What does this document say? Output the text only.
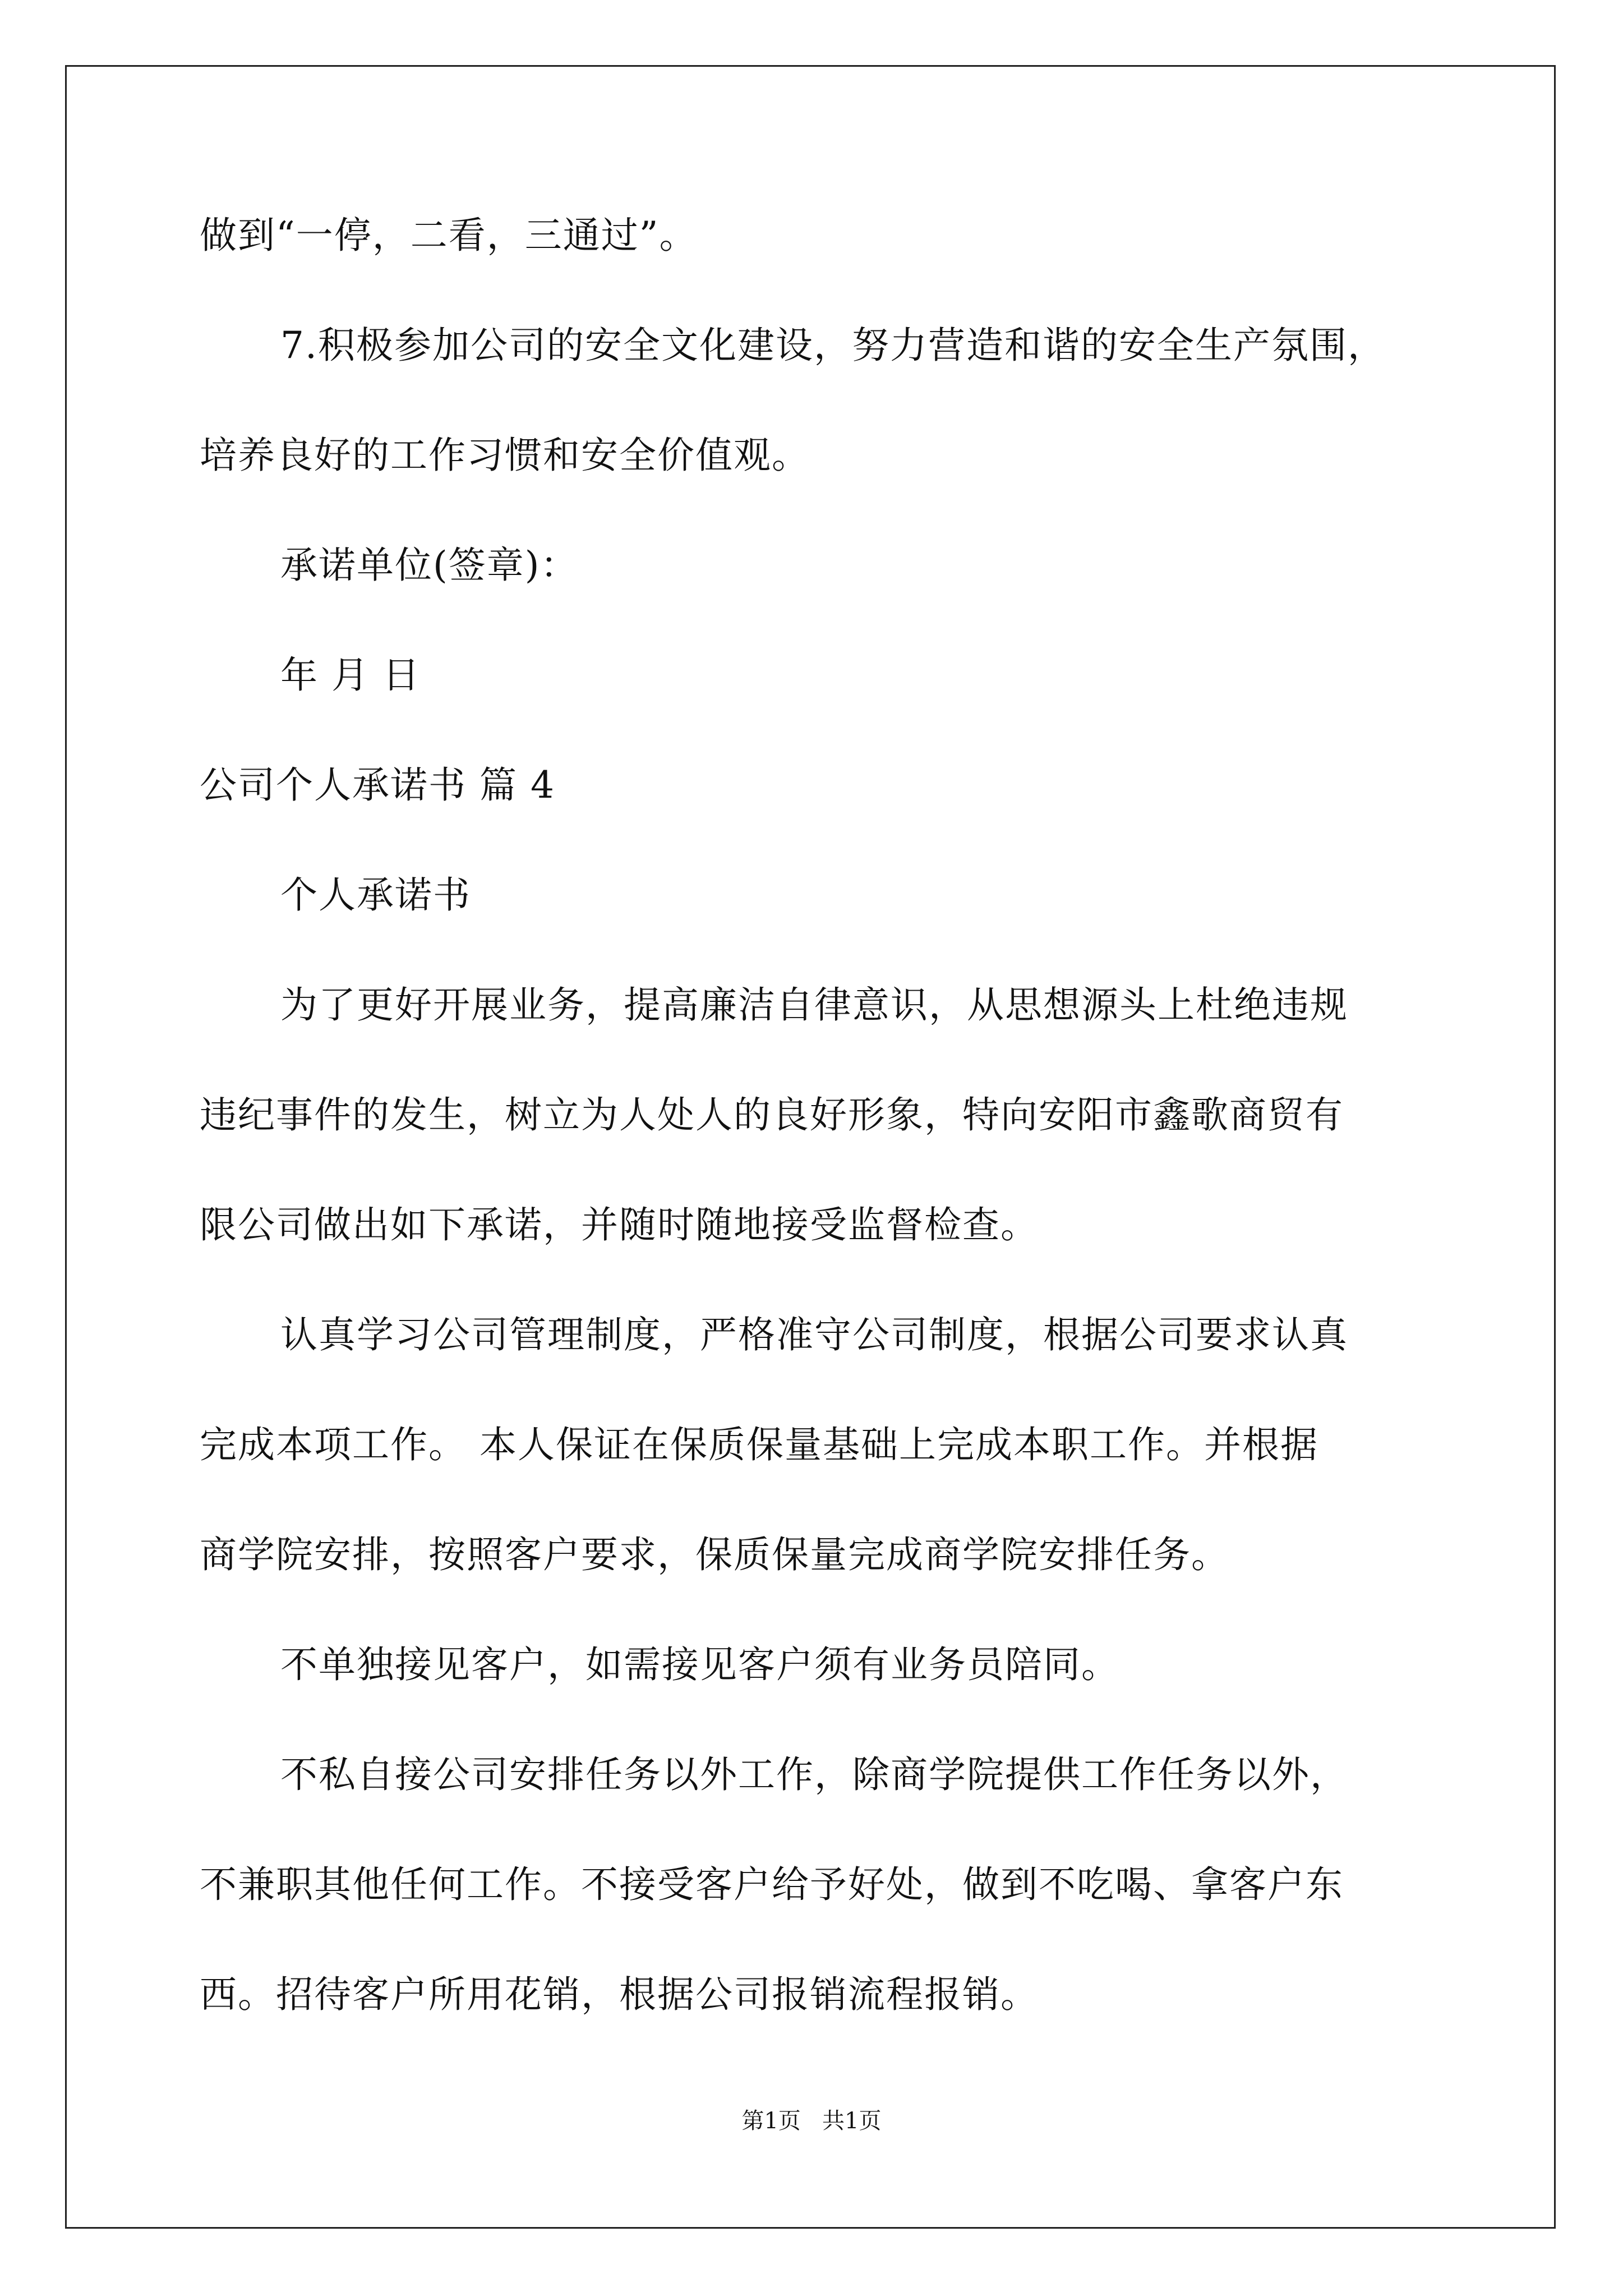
做到“一停，二看，三通过”。
7.积极参加公司的安全文化建设，努力营造和谐的安全生产氛围，
培养良好的工作习惯和安全价值观。
承诺单位(签章)：
年 月 日
公司个人承诺书 篇 4
个人承诺书
为了更好开展业务，提高廉洁自律意识，从思想源头上杜绝违规
违纪事件的发生，树立为人处人的良好形象，特向安阳市鑫歌商贸有
限公司做出如下承诺，并随时随地接受监督检查。
认真学习公司管理制度，严格准守公司制度，根据公司要求认真
完成本项工作。 本人保证在保质保量基础上完成本职工作。并根据
商学院安排，按照客户要求，保质保量完成商学院安排任务。
不单独接见客户，如需接见客户须有业务员陪同。
不私自接公司安排任务以外工作，除商学院提供工作任务以外，
不兼职其他任何工作。不接受客户给予好处，做到不吃喝、拿客户东
西。招待客户所用花销，根据公司报销流程报销。
第1页   共1页
